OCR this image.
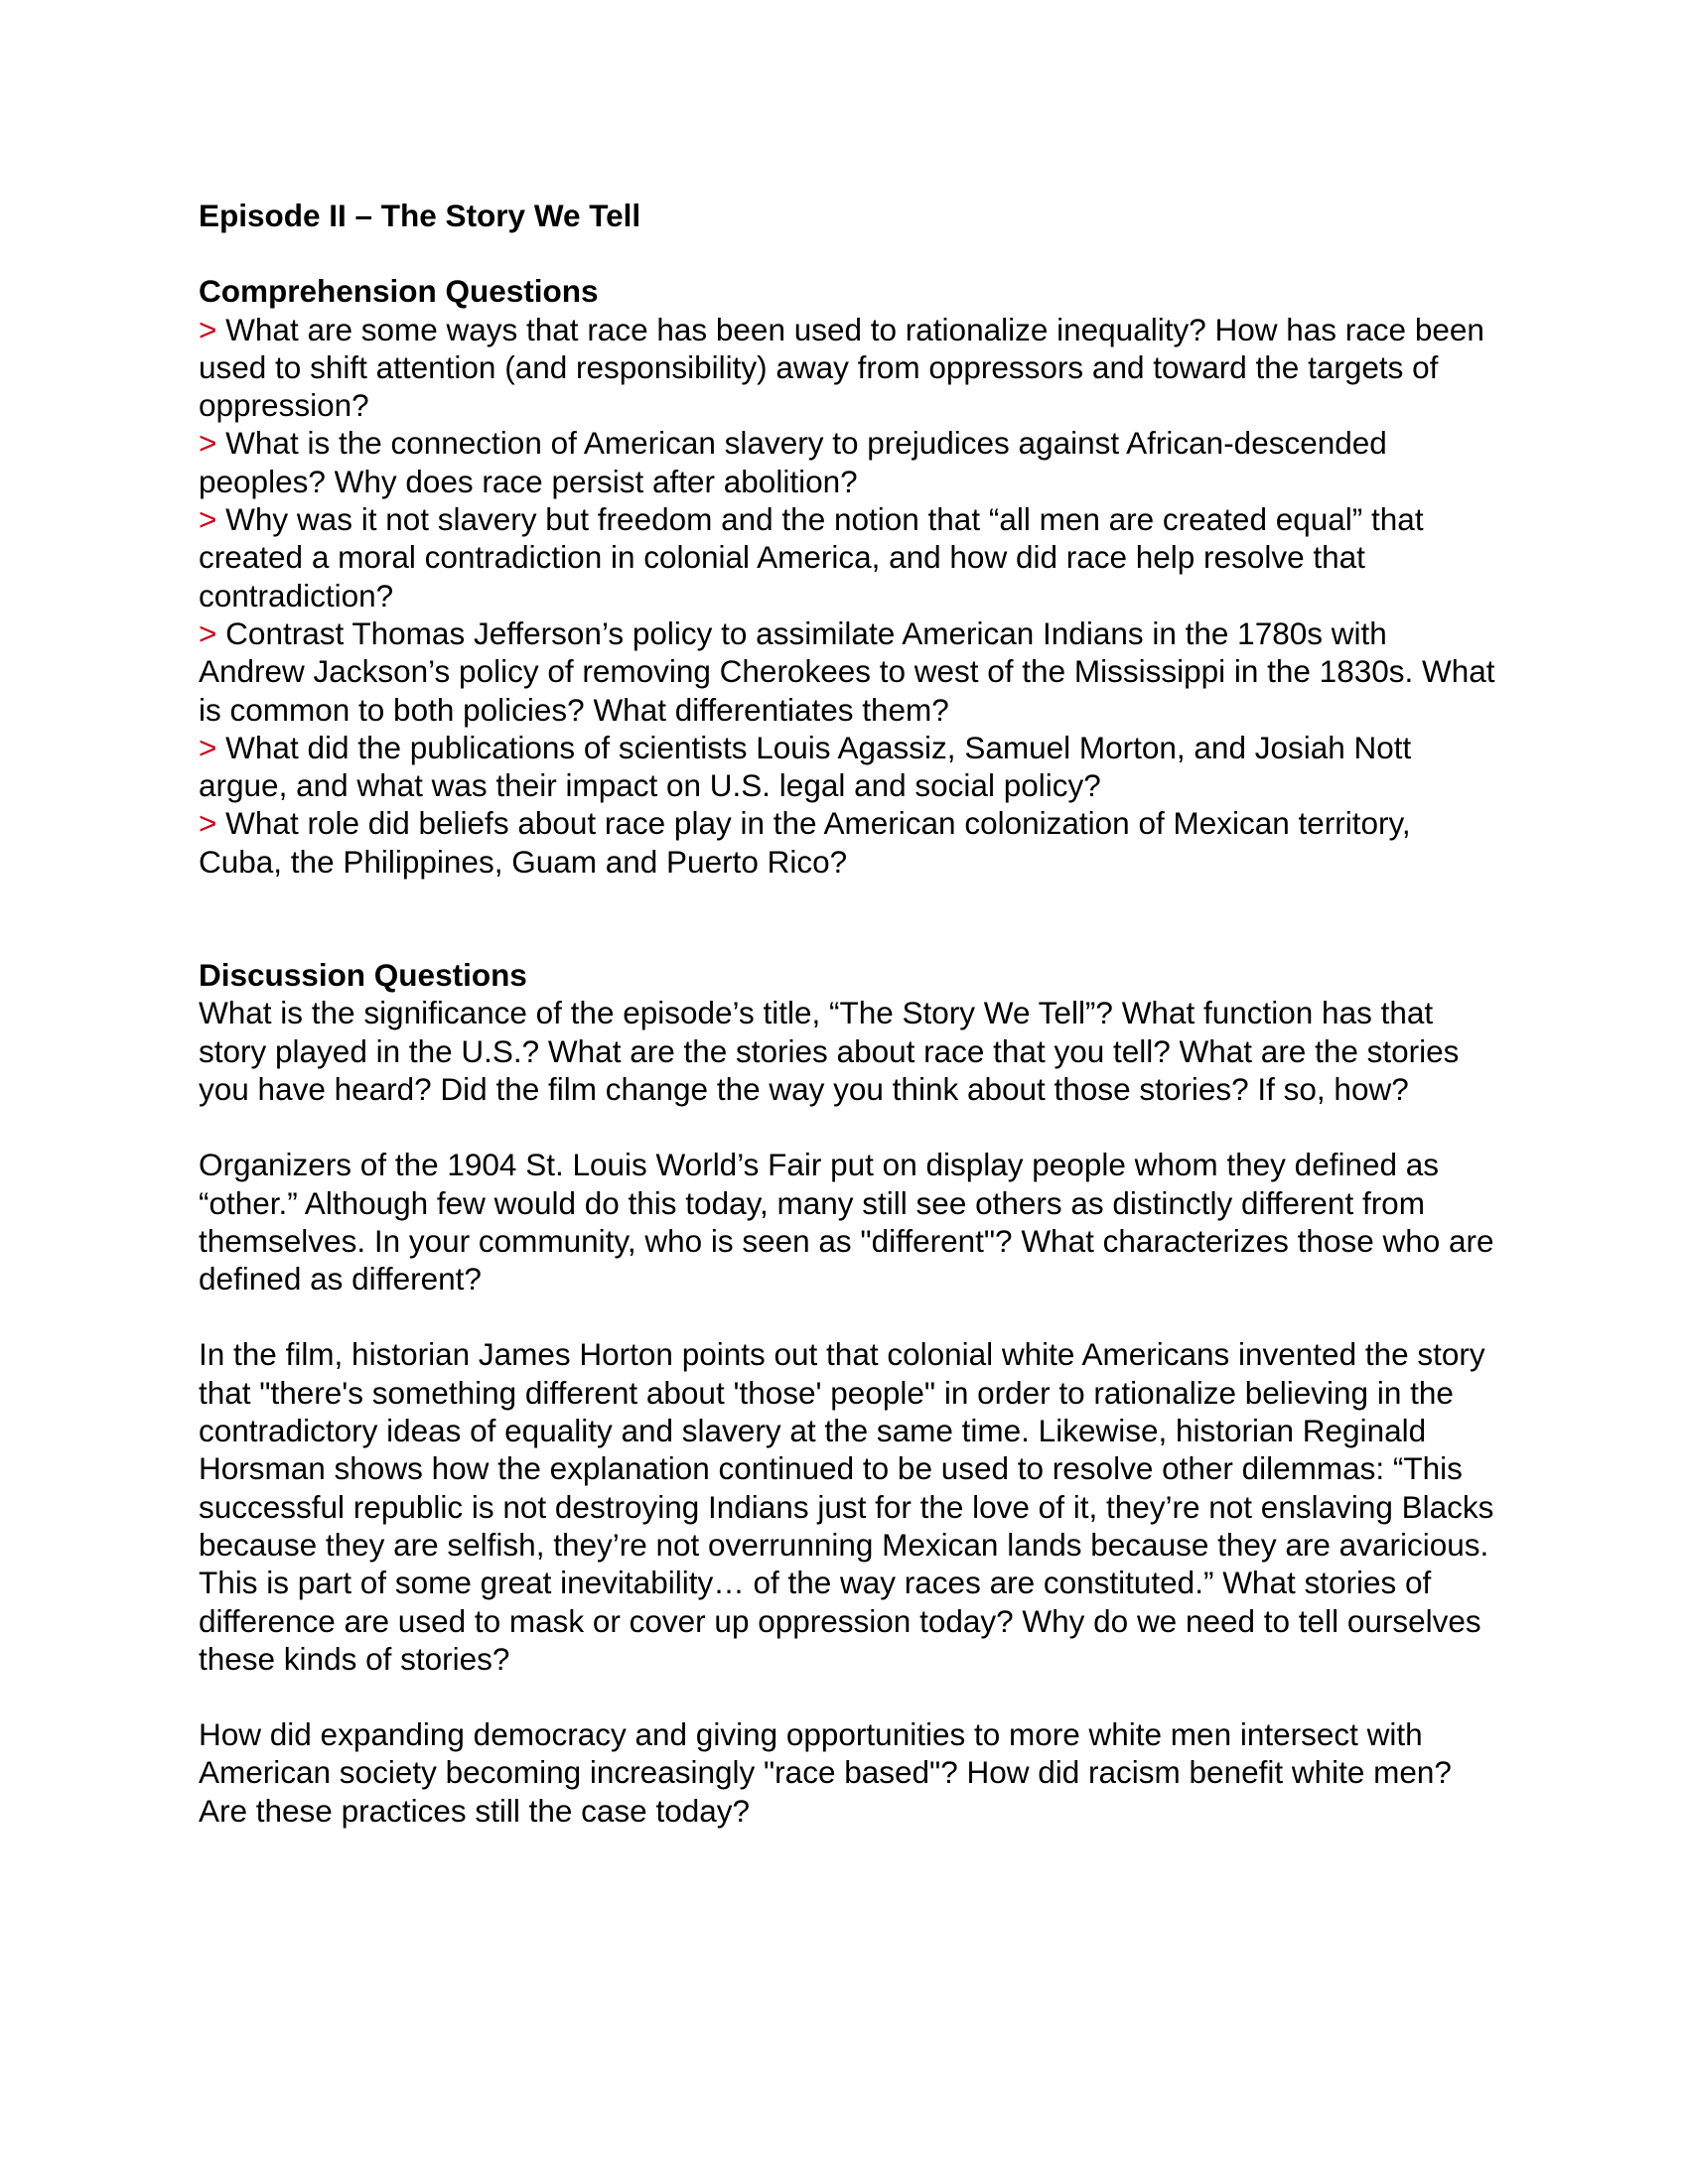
Episode II – The Story We Tell

Comprehension Questions

> What are some ways that race has been used to rationalize inequality? How has race been used to shift attention (and responsibility) away from oppressors and toward the targets of oppression?
> What is the connection of American slavery to prejudices against African-descended peoples? Why does race persist after abolition?
> Why was it not slavery but freedom and the notion that “all men are created equal” that created a moral contradiction in colonial America, and how did race help resolve that contradiction?
> Contrast Thomas Jefferson’s policy to assimilate American Indians in the 1780s with Andrew Jackson’s policy of removing Cherokees to west of the Mississippi in the 1830s. What is common to both policies? What differentiates them?
> What did the publications of scientists Louis Agassiz, Samuel Morton, and Josiah Nott argue, and what was their impact on U.S. legal and social policy?
> What role did beliefs about race play in the American colonization of Mexican territory, Cuba, the Philippines, Guam and Puerto Rico?

Discussion Questions

What is the significance of the episode’s title, “The Story We Tell”? What function has that story played in the U.S.? What are the stories about race that you tell? What are the stories you have heard? Did the film change the way you think about those stories? If so, how?

Organizers of the 1904 St. Louis World’s Fair put on display people whom they defined as “other.” Although few would do this today, many still see others as distinctly different from themselves. In your community, who is seen as "different"? What characterizes those who are defined as different?

In the film, historian James Horton points out that colonial white Americans invented the story that "there's something different about 'those' people" in order to rationalize believing in the contradictory ideas of equality and slavery at the same time. Likewise, historian Reginald Horsman shows how the explanation continued to be used to resolve other dilemmas: “This successful republic is not destroying Indians just for the love of it, they’re not enslaving Blacks because they are selfish, they’re not overrunning Mexican lands because they are avaricious. This is part of some great inevitability… of the way races are constituted.” What stories of difference are used to mask or cover up oppression today? Why do we need to tell ourselves these kinds of stories?

How did expanding democracy and giving opportunities to more white men intersect with American society becoming increasingly "race based"? How did racism benefit white men? Are these practices still the case today?
